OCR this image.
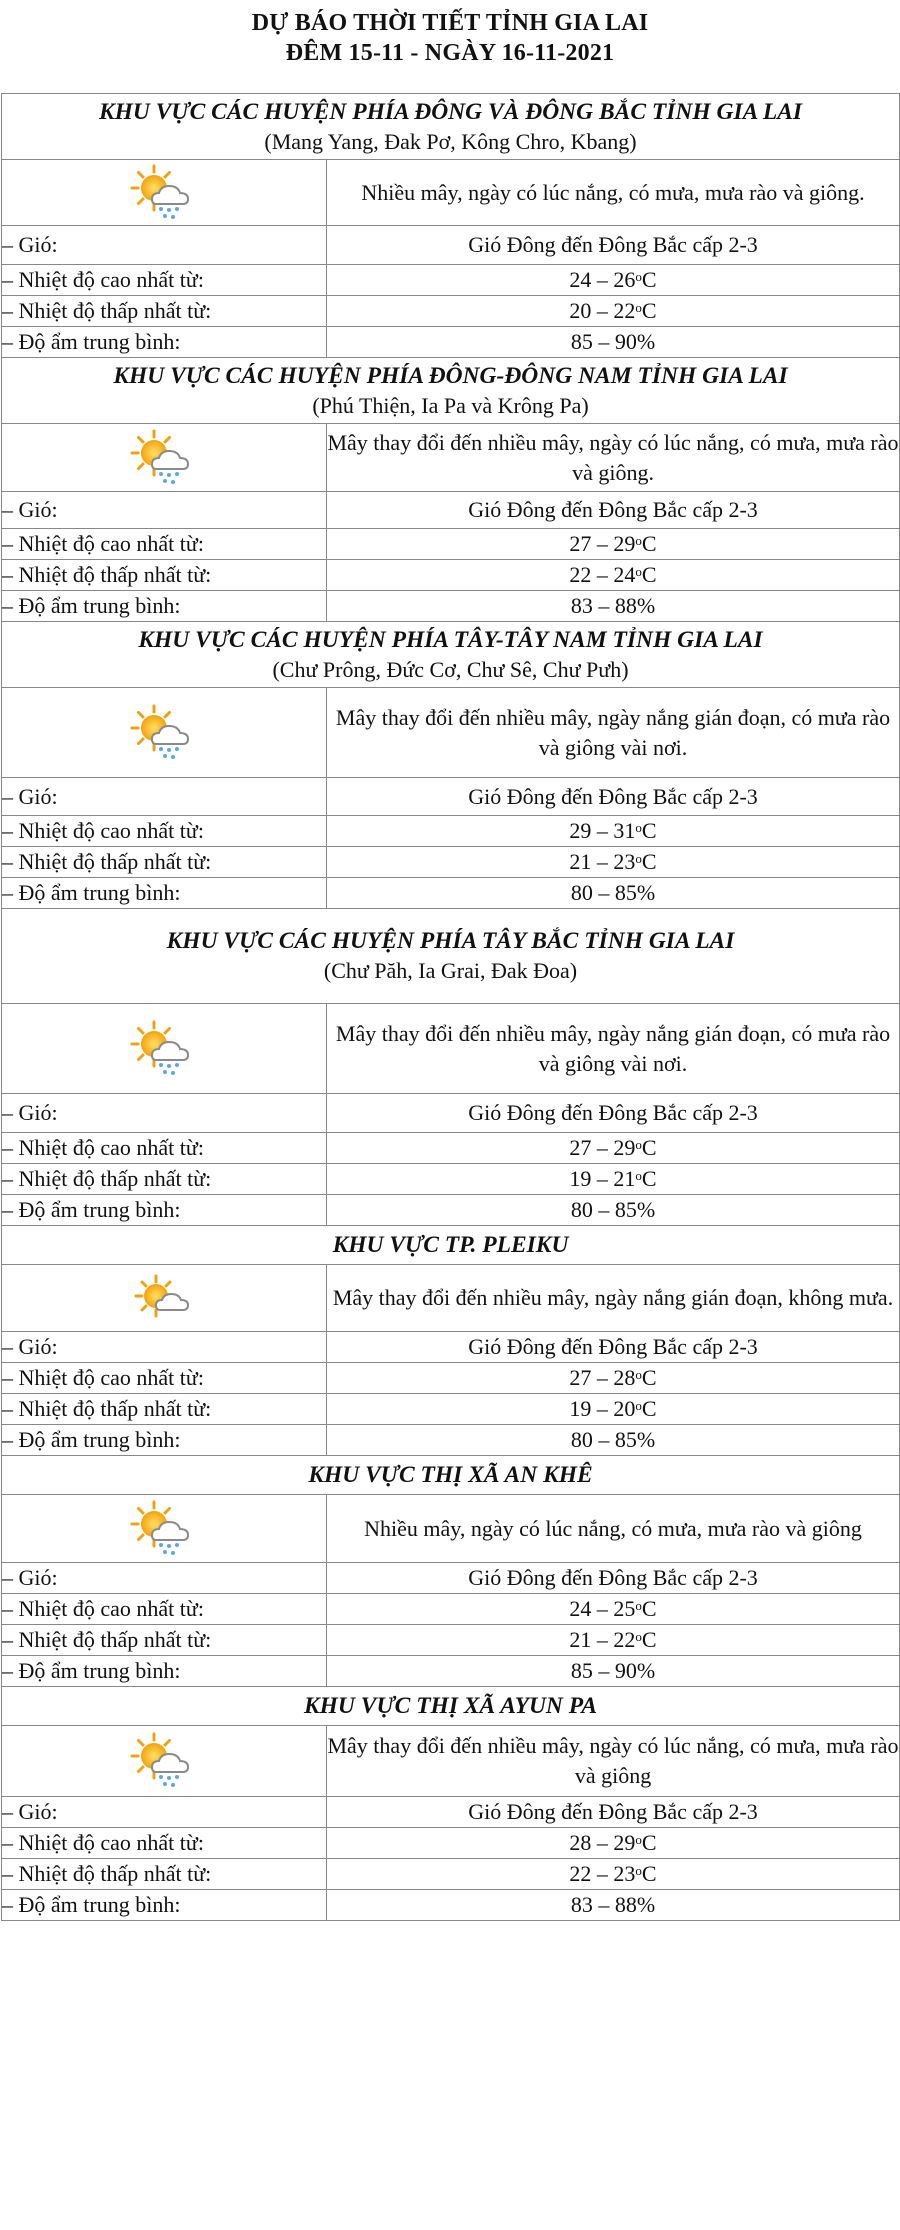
DỰ BÁO THỜI TIẾT TỈNH GIA LAI
ĐÊM 15-11 - NGÀY 16-11-2021
KHU VỰC CÁC HUYỆN PHÍA ĐÔNG VÀ ĐÔNG BẮC TỈNH GIA LAI
(Mang Yang, Đak Pơ, Kông Chro, Kbang)	

	Nhiều mây, ngày có lúc nắng, có mưa, mưa rào và giông.
– Gió:	Gió Đông đến Đông Bắc cấp 2-3
– Nhiệt độ cao nhất từ:	24 – 26$^o$C
– Nhiệt độ thấp nhất từ:	20 – 22$^o$C
– Độ ẩm trung bình:	85 – 90%

KHU VỰC CÁC HUYỆN PHÍA ĐÔNG-ĐÔNG NAM TỈNH GIA LAI
(Phú Thiện, Ia Pa và Krông Pa)	

	Mây thay đổi đến nhiều mây, ngày có lúc nắng, có mưa, mưa rào và giông.
– Gió:	Gió Đông đến Đông Bắc cấp 2-3
– Nhiệt độ cao nhất từ:	27 – 29$^o$C
– Nhiệt độ thấp nhất từ:	22 – 24$^o$C
– Độ ẩm trung bình:	83 – 88%

KHU VỰC CÁC HUYỆN PHÍA TÂY-TÂY NAM TỈNH GIA LAI
(Chư Prông, Đức Cơ, Chư Sê, Chư Pưh)	

	Mây thay đổi đến nhiều mây, ngày nắng gián đoạn, có mưa rào và giông vài nơi.
– Gió:	Gió Đông đến Đông Bắc cấp 2-3
– Nhiệt độ cao nhất từ:	29 – 31$^o$C
– Nhiệt độ thấp nhất từ:	21 – 23$^o$C
– Độ ẩm trung bình:	80 – 85%

KHU VỰC CÁC HUYỆN PHÍA TÂY BẮC TỈNH GIA LAI
(Chư Păh, Ia Grai, Đak Đoa)	

	Mây thay đổi đến nhiều mây, ngày nắng gián đoạn, có mưa rào và giông vài nơi.
– Gió:	Gió Đông đến Đông Bắc cấp 2-3
– Nhiệt độ cao nhất từ:	27 – 29$^o$C
– Nhiệt độ thấp nhất từ:	19 – 21$^o$C
– Độ ẩm trung bình:	80 – 85%

KHU VỰC TP. PLEIKU	

	Mây thay đổi đến nhiều mây, ngày nắng gián đoạn, không mưa.
– Gió:	Gió Đông đến Đông Bắc cấp 2-3
– Nhiệt độ cao nhất từ:	27 – 28$^o$C
– Nhiệt độ thấp nhất từ:	19 – 20$^o$C
– Độ ẩm trung bình:	80 – 85%

KHU VỰC THỊ XÃ AN KHÊ	

	Nhiều mây, ngày có lúc nắng, có mưa, mưa rào và giông
– Gió:	Gió Đông đến Đông Bắc cấp 2-3
– Nhiệt độ cao nhất từ:	24 – 25$^o$C
– Nhiệt độ thấp nhất từ:	21 – 22$^o$C
– Độ ẩm trung bình:	85 – 90%

KHU VỰC THỊ XÃ AYUN PA	

	Mây thay đổi đến nhiều mây, ngày có lúc nắng, có mưa, mưa rào và giông
– Gió:	Gió Đông đến Đông Bắc cấp 2-3
– Nhiệt độ cao nhất từ:	28 – 29$^o$C
– Nhiệt độ thấp nhất từ:	22 – 23$^o$C
– Độ ẩm trung bình:	83 – 88%
